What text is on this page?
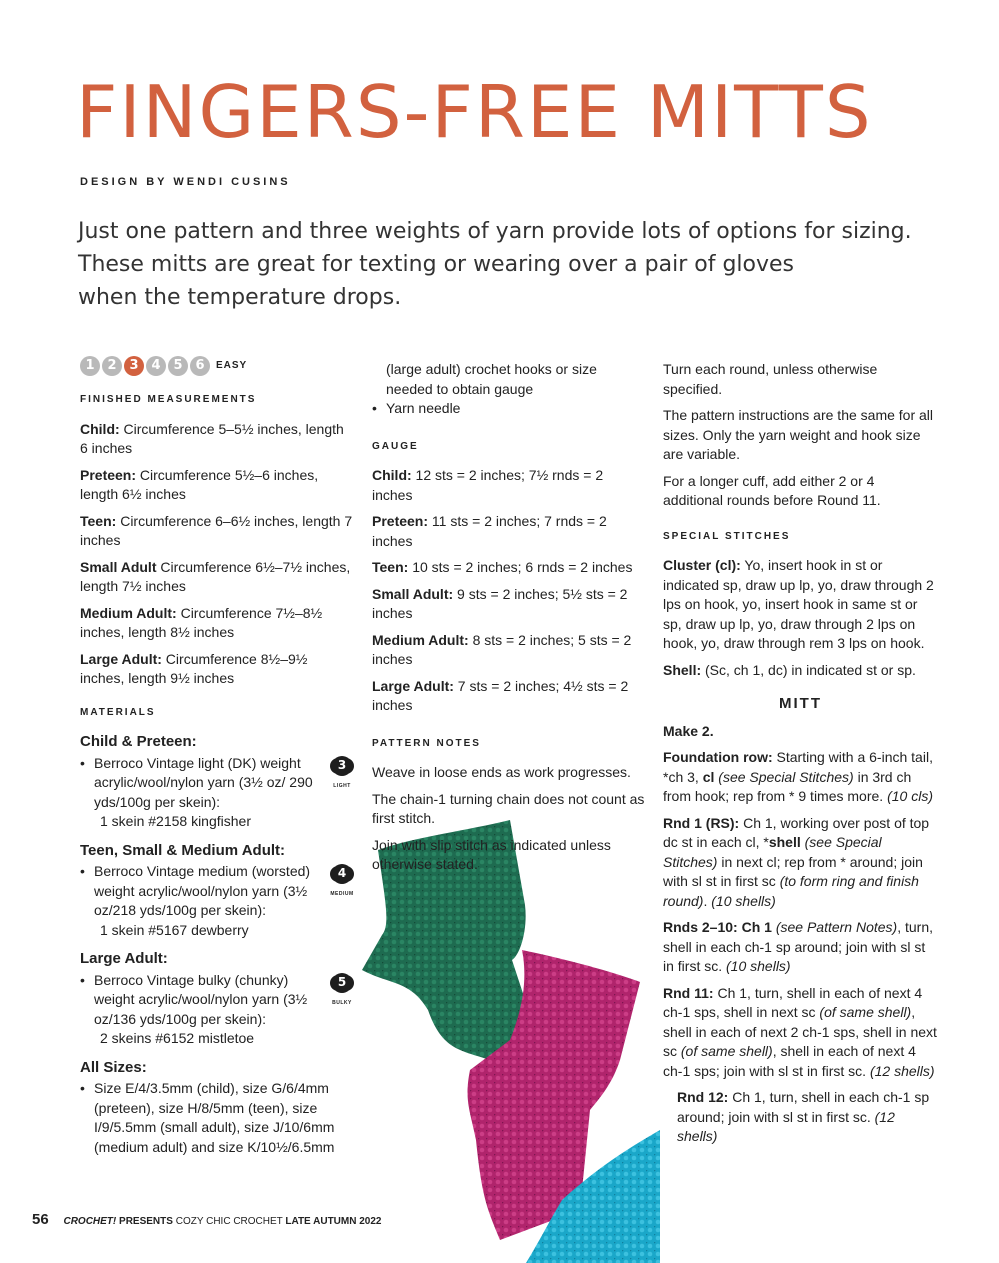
FINGERS-FREE MITTS
DESIGN BY WENDI CUSINS
Just one pattern and three weights of yarn provide lots of options for sizing.
These mitts are great for texting or wearing over a pair of gloves
when the temperature drops.
1 2 3 4 5 6	EASY
FINISHED MEASUREMENTS
Child: Circumference 5–5½ inches, length 6 inches
Preteen: Circumference 5½–6 inches, length 6½ inches
Teen: Circumference 6–6½ inches, length 7 inches
Small Adult Circumference 6½–7½ inches, length 7½ inches
Medium Adult: Circumference 7½–8½ inches, length 8½ inches
Large Adult: Circumference 8½–9½ inches, length 9½ inches
MATERIALS
Child & Preteen:
• Berroco Vintage light (DK) weight acrylic/wool/nylon yarn (3½ oz/ 290 yds/100g per skein):
1 skein #2158 kingfisher
3
LIGHT
Teen, Small & Medium Adult:
• Berroco Vintage medium (worsted) weight acrylic/wool/nylon yarn (3½ oz/218 yds/100g per skein):
1 skein #5167 dewberry
4
MEDIUM
Large Adult:
• Berroco Vintage bulky (chunky) weight acrylic/wool/nylon yarn (3½ oz/136 yds/100g per skein):
2 skeins #6152 mistletoe
5
BULKY
All Sizes:
• Size E/4/3.5mm (child), size G/6/4mm (preteen), size H/8/5mm (teen), size I/9/5.5mm (small adult), size J/10/6mm (medium adult) and size K/10½/6.5mm
(large adult) crochet hooks or size needed to obtain gauge
• Yarn needle
GAUGE
Child: 12 sts = 2 inches; 7½ rnds = 2 inches
Preteen: 11 sts = 2 inches; 7 rnds = 2 inches
Teen: 10 sts = 2 inches; 6 rnds = 2 inches
Small Adult: 9 sts = 2 inches; 5½ sts = 2 inches
Medium Adult: 8 sts = 2 inches; 5 sts = 2 inches
Large Adult: 7 sts = 2 inches; 4½ sts = 2 inches
PATTERN NOTES
Weave in loose ends as work progresses.
The chain-1 turning chain does not count as first stitch.
Join with slip stitch as indicated unless otherwise stated.
Turn each round, unless otherwise specified.
The pattern instructions are the same for all sizes. Only the yarn weight and hook size are variable.
For a longer cuff, add either 2 or 4 additional rounds before Round 11.
SPECIAL STITCHES
Cluster (cl): Yo, insert hook in st or indicated sp, draw up lp, yo, draw through 2 lps on hook, yo, insert hook in same st or sp, draw up lp, yo, draw through 2 lps on hook, yo, draw through rem 3 lps on hook.
Shell: (Sc, ch 1, dc) in indicated st or sp.
MITT
Make 2.
Foundation row: Starting with a 6-inch tail, *ch 3, cl (see Special Stitches) in 3rd ch from hook; rep from * 9 times more. (10 cls)
Rnd 1 (RS): Ch 1, working over post of top dc st in each cl, *shell (see Special Stitches) in next cl; rep from * around; join with sl st in first sc (to form ring and finish round). (10 shells)
Rnds 2–10: Ch 1 (see Pattern Notes), turn, shell in each ch-1 sp around; join with sl st in first sc. (10 shells)
Rnd 11: Ch 1, turn, shell in each of next 4 ch-1 sps, shell in next sc (of same shell), shell in each of next 2 ch-1 sps, shell in next sc (of same shell), shell in each of next 4 ch-1 sps; join with sl st in first sc. (12 shells)
Rnd 12: Ch 1, turn, shell in each ch-1 sp around; join with sl st in first sc. (12 shells)
56 CROCHET! PRESENTS COZY CHIC CROCHET LATE AUTUMN 2022
